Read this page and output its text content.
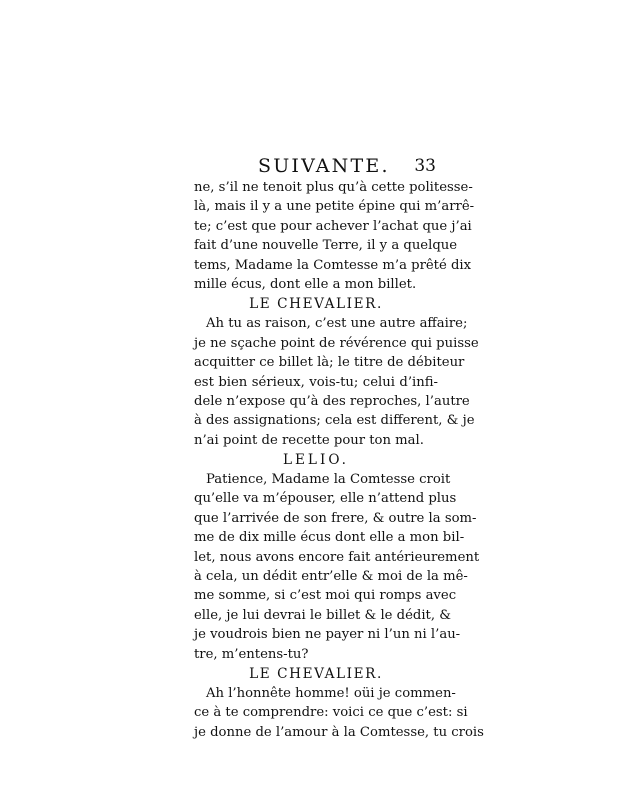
SUIVANTE. 33
ne, s’il ne tenoit plus qu’à cette politesse-
là, mais il y a une petite épine qui m’arrê-
te; c’est que pour achever l’achat que j’ai
fait d’une nouvelle Terre, il y a quelque
tems, Madame la Comtesse m’a prêté dix
mille écus, dont elle a mon billet.
LE CHEVALIER.
Ah tu as raison, c’est une autre affaire;
je ne sçache point de révérence qui puisse
acquitter ce billet là; le titre de débiteur
est bien sérieux, vois-tu; celui d’infi-
dele n’expose qu’à des reproches, l’autre
à des assignations; cela est different, & je
n’ai point de recette pour ton mal.
LELIO.
Patience, Madame la Comtesse croit
qu’elle va m’épouser, elle n’attend plus
que l’arrivée de son frere, & outre la som-
me de dix mille écus dont elle a mon bil-
let, nous avons encore fait antérieurement
à cela, un dédit entr’elle & moi de la mê-
me somme, si c’est moi qui romps avec
elle, je lui devrai le billet & le dédit, &
je voudrois bien ne payer ni l’un ni l’au-
tre, m’entens-tu?
LE CHEVALIER.
Ah l’honnête homme! oüi je commen-
ce à te comprendre: voici ce que c’est: si
je donne de l’amour à la Comtesse, tu crois
